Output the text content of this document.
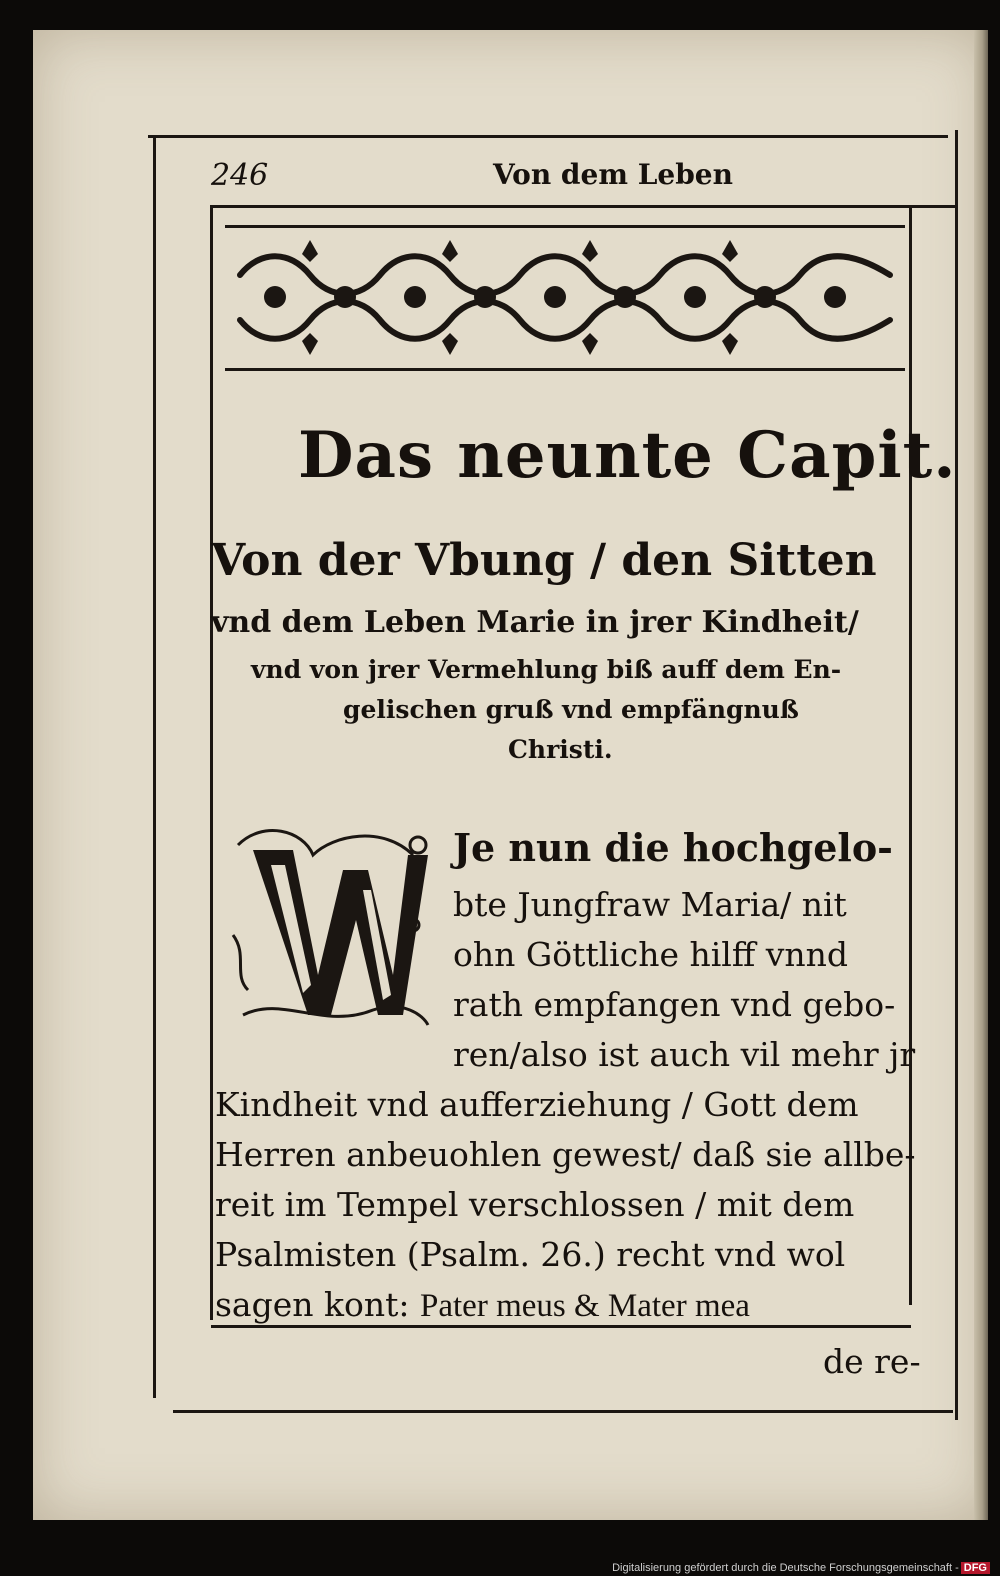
246	Von dem Leben
Das neunte Capit.
Von der Vbung / den Sitten
vnd dem Leben Marie in jrer Kindheit/
vnd von jrer Vermehlung biß auff dem En-
gelischen gruß vnd empfängnuß
Christi.
Je nun die hochgelo-
bte Jungfraw Maria/ nit
ohn Göttliche hilff vnnd
rath empfangen vnd gebo-
ren/also ist auch vil mehr jr
Kindheit vnd aufferziehung / Gott dem
Herren anbeuohlen gewest/ daß sie allbe-
reit im Tempel verschlossen / mit dem
Psalmisten (Psalm. 26.) recht vnd wol
sagen kont: Pater meus & Mater mea
de re-
Digitalisierung gefördert durch die Deutsche Forschungsgemeinschaft - DFG
